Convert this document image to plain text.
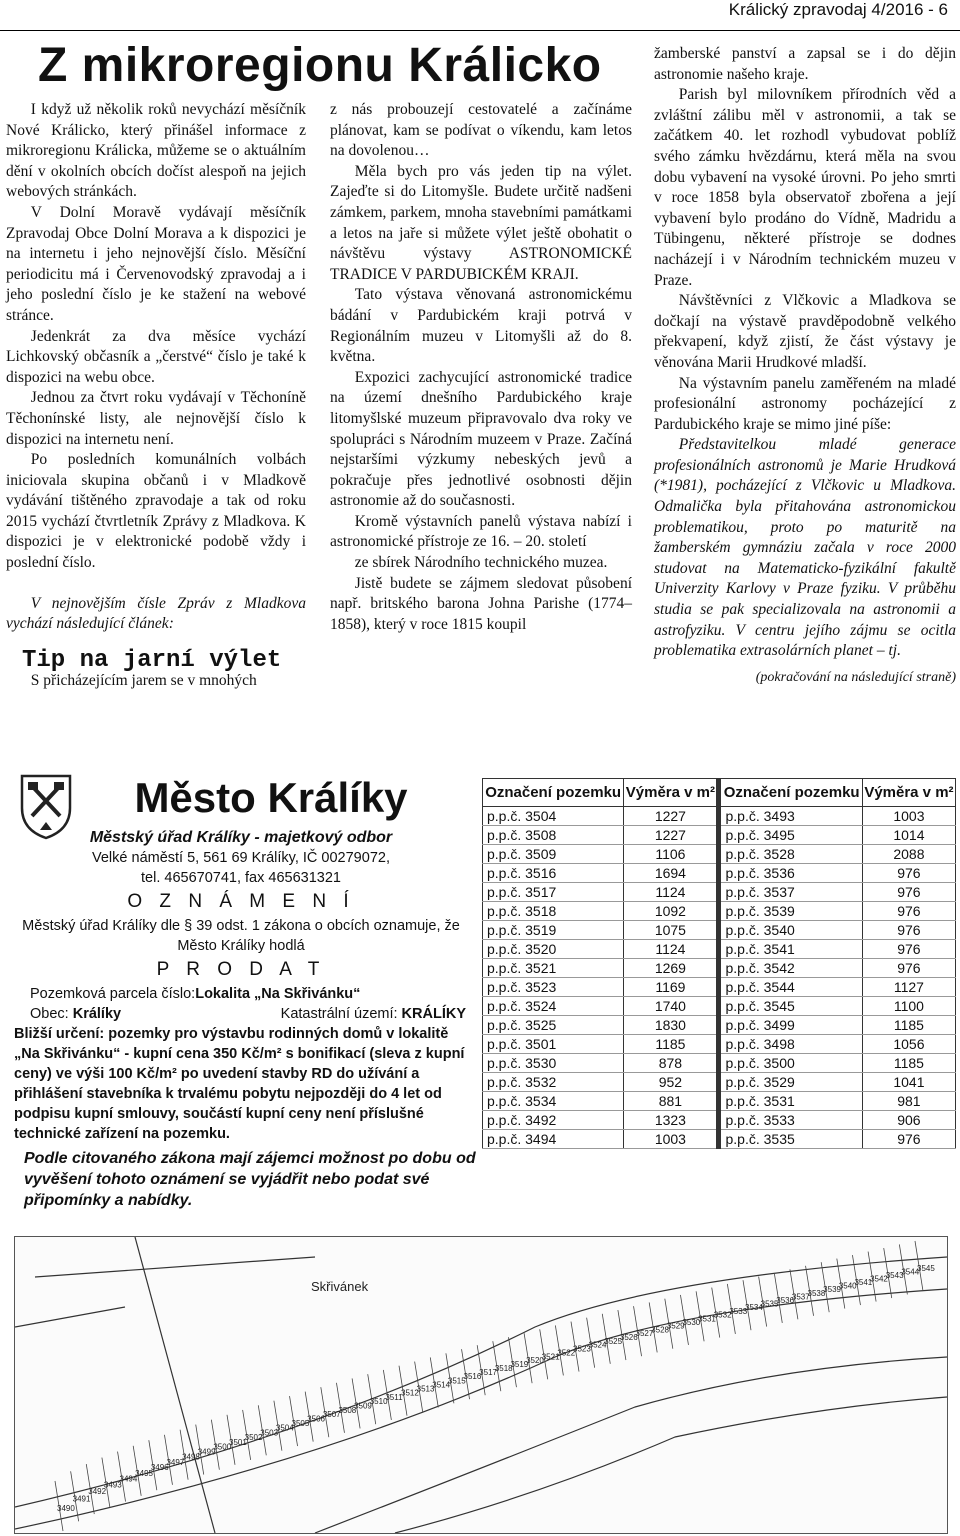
Králický zpravodaj 4/2016 - 6
Z mikroregionu Králicko

I když už několik roků nevychází měsíčník Nové Králicko, který přinášel informace z mikroregionu Králicka, můžeme se o aktuálním dění v okolních obcích dočíst alespoň na jejich webových stránkách.

V Dolní Moravě vydávají měsíčník Zpravodaj Obce Dolní Morava a k dispozici je na internetu i jeho nejnovější číslo. Měsíční periodicitu má i Červenovodský zpravodaj a i jeho poslední číslo je ke stažení na webové stránce.

Jedenkrát za dva měsíce vychází Lichkovský občasník a „čerstvé“ číslo je také k dispozici na webu obce.

Jednou za čtvrt roku vydávají v Těchoníně Těchonínské listy, ale nejnovější číslo k dispozici na internetu není.

Po posledních komunálních volbách iniciovala skupina občanů i v Mladkově vydávání tištěného zpravodaje a tak od roku 2015 vychází čtvrtletník Zprávy z Mladkova. K dispozici je v elektronické podobě vždy i poslední číslo.

V nejnovějším čísle Zpráv z Mladkova vychází následující článek:

Tip na jarní výlet

S přicházejícím jarem se v mnohých

z nás probouzejí cestovatelé a začínáme plánovat, kam se podívat o víkendu, kam letos na dovolenou…

Měla bych pro vás jeden tip na výlet. Zajeďte si do Litomyšle. Budete určitě nadšeni zámkem, parkem, mnoha stavebními památkami a letos na jaře si můžete výlet ještě obohatit o návštěvu výstavy ASTRONOMICKÉ TRADICE V PARDUBICKÉM KRAJI.

Tato výstava věnovaná astronomickému bádání v Pardubickém kraji potrvá v Regionálním muzeu v Litomyšli až do 8. května.

Expozici zachycující astronomické tradice na území dnešního Pardubického kraje litomyšlské muzeum připravovalo dva roky ve spolupráci s Národním muzeem v Praze. Začíná nejstaršími výzkumy nebeských jevů a pokračuje přes jednotlivé osobnosti dějin astronomie až do současnosti.

Kromě výstavních panelů výstava nabízí i astronomické přístroje ze 16. – 20. století

ze sbírek Národního technického muzea.

Jistě budete se zájmem sledovat působení např. britského barona Johna Parishe (1774–1858), který v roce 1815 koupil

žamberské panství a zapsal se i do dějin astronomie našeho kraje.

Parish byl milovníkem přírodních věd a zvláštní zálibu měl v astronomii, a tak se začátkem 40. let rozhodl vybudovat poblíž svého zámku hvězdárnu, která měla na svou dobu vybavení na vysoké úrovni. Po jeho smrti v roce 1858 byla observatoř zbořena a její vybavení bylo prodáno do Vídně, Madridu a Tübingenu, některé přístroje se dodnes nacházejí i v Národním technickém muzeu v Praze.

Návštěvníci z Vlčkovic a Mladkova se dočkají na výstavě pravděpodobně velkého překvapení, když zjistí, že část výstavy je věnována Marii Hrudkové mladší.

Na výstavním panelu zaměřeném na mladé profesionální astronomy pocházející z Pardubického kraje se mimo jiné píše:

Představitelkou mladé generace profesionálních astronomů je Marie Hrudková (*1981), pocházející z Vlčkovic u Mladkova. Odmalička byla přitahována astronomickou problematikou, proto po maturitě na žamberském gymnáziu začala v roce 2000 studovat na Matematicko-fyzikální fakultě Univerzity Karlovy v Praze fyziku. V průběhu studia se pak specializovala na astronomii a astrofyziku. V centru jejího zájmu se ocitla problematika extrasolárních planet – tj.

(pokračování na následující straně)
Město Králíky
Městský úřad Králíky - majetkový odbor
Velké náměstí 5, 561 69 Králíky, IČ 00279072,
tel. 465670741, fax 465631321
O Z N Á M E N Í
Městský úřad Králíky dle § 39 odst. 1 zákona o obcích oznamuje, že Město Králíky hodlá
P R O D A T
Pozemková parcela číslo:Lokalita „Na Skřivánku“
Obec: Králíky	Katastrální území: KRÁLÍKY
Bližší určení: pozemky pro výstavbu rodinných domů v lokalitě „Na Skřivánku“ - kupní cena 350 Kč/m² s bonifikací (sleva z kupní ceny) ve výši 100 Kč/m² po uvedení stavby RD do užívání a přihlášení stavebníka k trvalému pobytu nejpozději do 4 let od podpisu kupní smlouvy, součástí kupní ceny není příslušné technické zařízení na pozemku.
Podle citovaného zákona mají zájemci možnost po dobu od vyvěšení tohoto oznámení se vyjádřit nebo podat své připomínky a nabídky.
Označení pozemku	Výměra v m²	Označení pozemku	Výměra v m²
p.p.č. 3504	1227	p.p.č. 3493	1003
p.p.č. 3508	1227	p.p.č. 3495	1014
p.p.č. 3509	1106	p.p.č. 3528	2088
p.p.č. 3516	1694	p.p.č. 3536	976
p.p.č. 3517	1124	p.p.č. 3537	976
p.p.č. 3518	1092	p.p.č. 3539	976
p.p.č. 3519	1075	p.p.č. 3540	976
p.p.č. 3520	1124	p.p.č. 3541	976
p.p.č. 3521	1269	p.p.č. 3542	976
p.p.č. 3523	1169	p.p.č. 3544	1127
p.p.č. 3524	1740	p.p.č. 3545	1100
p.p.č. 3525	1830	p.p.č. 3499	1185
p.p.č. 3501	1185	p.p.č. 3498	1056
p.p.č. 3530	878	p.p.č. 3500	1185
p.p.č. 3532	952	p.p.č. 3529	1041
p.p.č. 3534	881	p.p.č. 3531	981
p.p.č. 3492	1323	p.p.č. 3533	906
p.p.č. 3494	1003	p.p.č. 3535	976
3490
3491
3492
3493
3494
3495
3496
3497
3498
3499
3500
3501
3502
3503
3504
3505
3506
3507
3508
3509
3510
3511
3512
3513
3514
3515
3516
3517
3518
3519
3520
3521
3522
3523
3524
3525
3526
3527
3528
3529
3530
3531
3532
3533
3534
3535
3536
3537
3538
3539
3540
3541
3542
3543
3544
3545
Skřivánek
